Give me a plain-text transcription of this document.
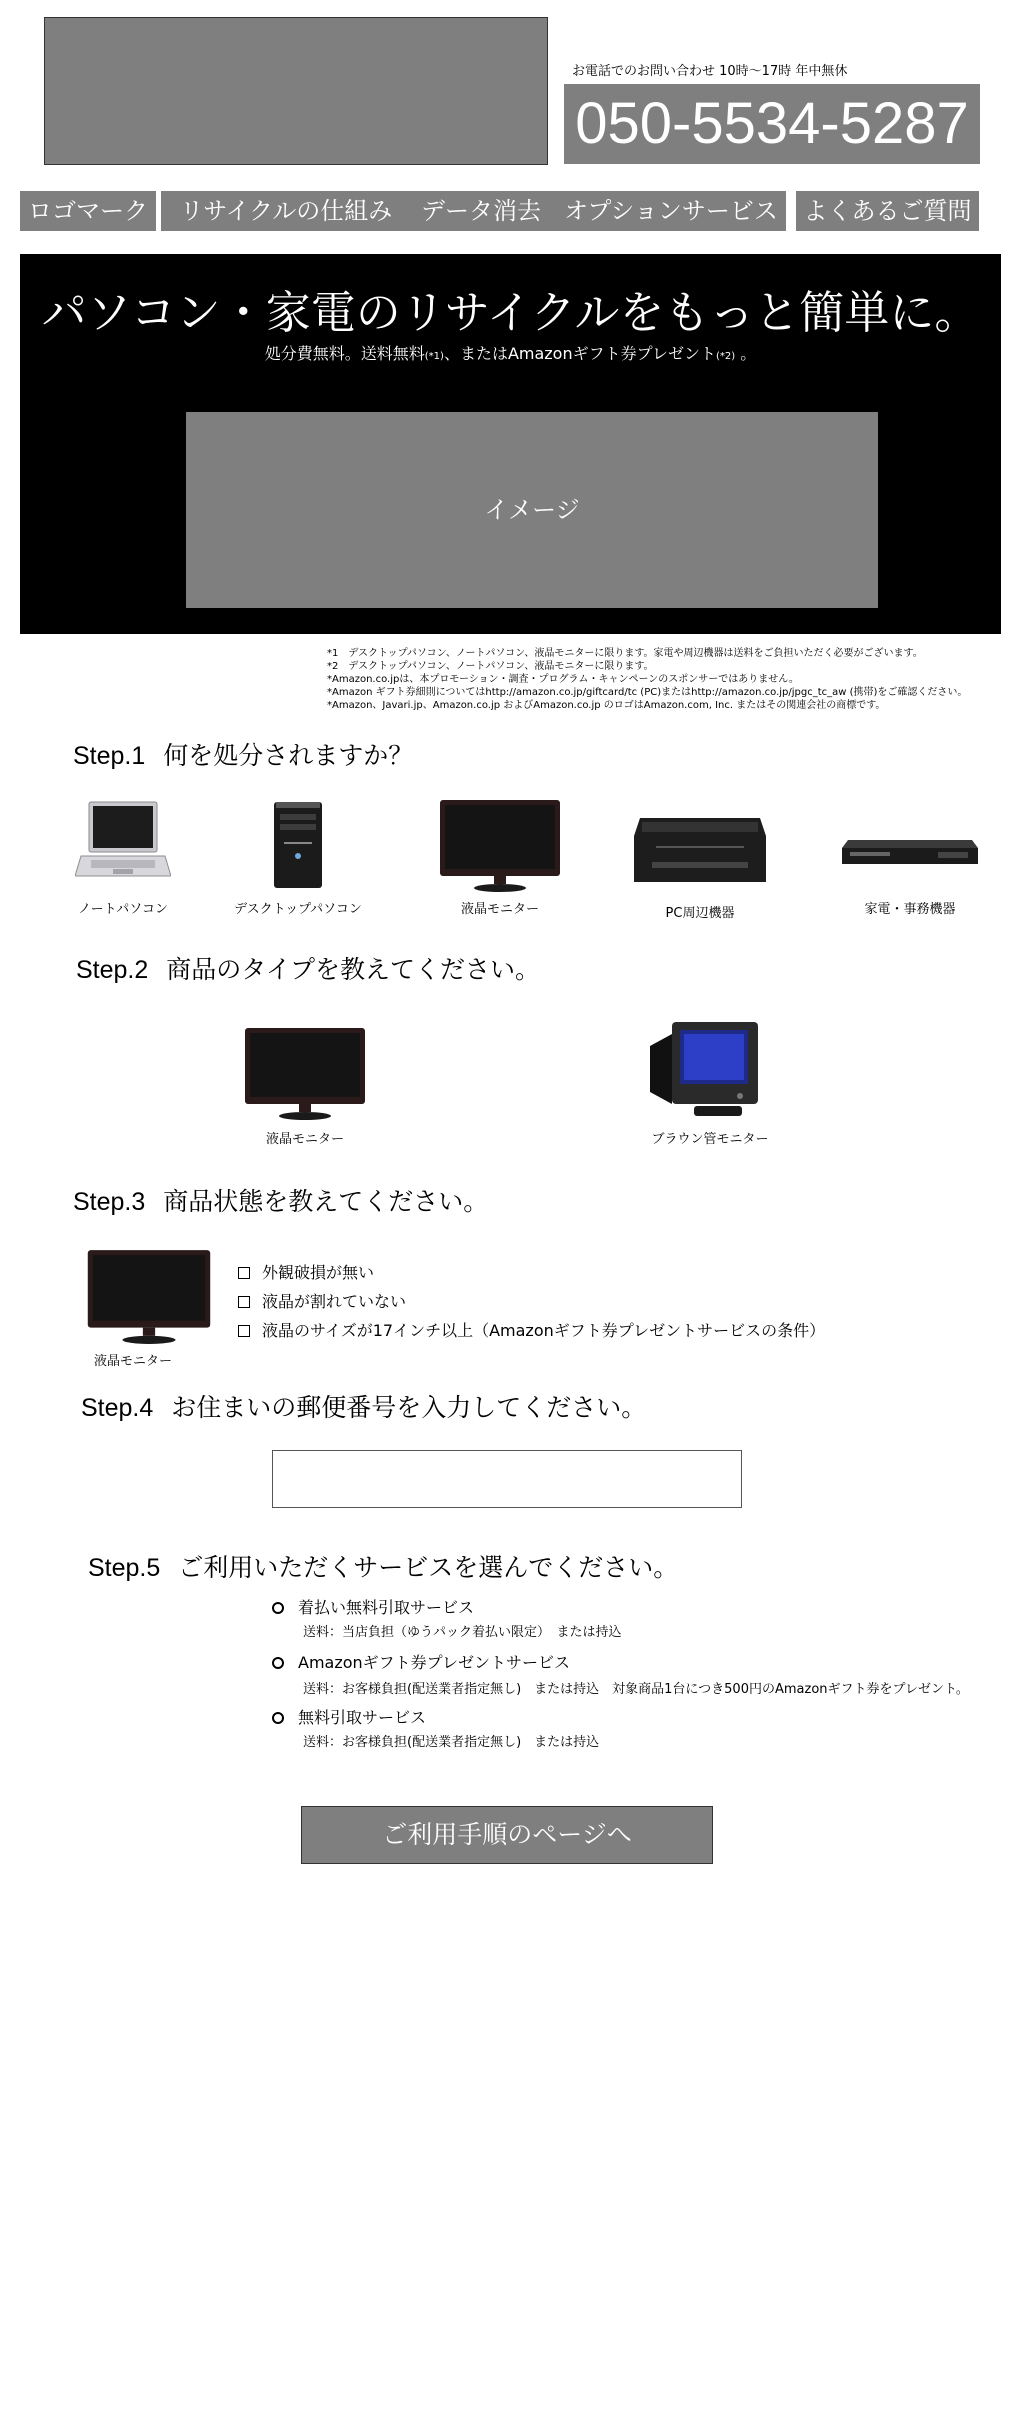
お電話でのお問い合わせ 10時～17時 年中無休
050-5534-5287
ロゴマーク	リサイクルの仕組み	データ消去 オプションサービス	よくあるご質問
パソコン・家電のリサイクルをもっと簡単に。
処分費無料。送料無料(*1)、またはAmazonギフト券プレゼント(*2) 。
イメージ
*1　デスクトップパソコン、ノートパソコン、液晶モニターに限ります。家電や周辺機器は送料をご負担いただく必要がございます。
*2　デスクトップパソコン、ノートパソコン、液晶モニターに限ります。
*Amazon.co.jpは、本プロモーション・調査・プログラム・キャンペーンのスポンサーではありません。
*Amazon ギフト券細則についてはhttp://amazon.co.jp/giftcard/tc (PC)またはhttp://amazon.co.jp/jpgc_tc_aw (携帯)をご確認ください。
*Amazon、Javari.jp、Amazon.co.jp およびAmazon.co.jp のロゴはAmazon.com, Inc. またはその関連会社の商標です。
Step.1 何を処分されますか？
ノートパソコン	デスクトップパソコン	液晶モニター	PC周辺機器	家電・事務機器
Step.2 商品のタイプを教えてください。
液晶モニター	ブラウン管モニター
Step.3 商品状態を教えてください。
液晶モニター
外観破損が無い
液晶が割れていない
液晶のサイズが17インチ以上（Amazonギフト券プレゼントサービスの条件）
Step.4 お住まいの郵便番号を入力してください。
Step.5 ご利用いただくサービスを選んでください。
着払い無料引取サービス
送料：当店負担（ゆうパック着払い限定）　または持込
Amazonギフト券プレゼントサービス
送料：お客様負担(配送業者指定無し)　または持込　対象商品1台につき500円のAmazonギフト券をプレゼント。
無料引取サービス
送料：お客様負担(配送業者指定無し)　または持込
ご利用手順のページへ
